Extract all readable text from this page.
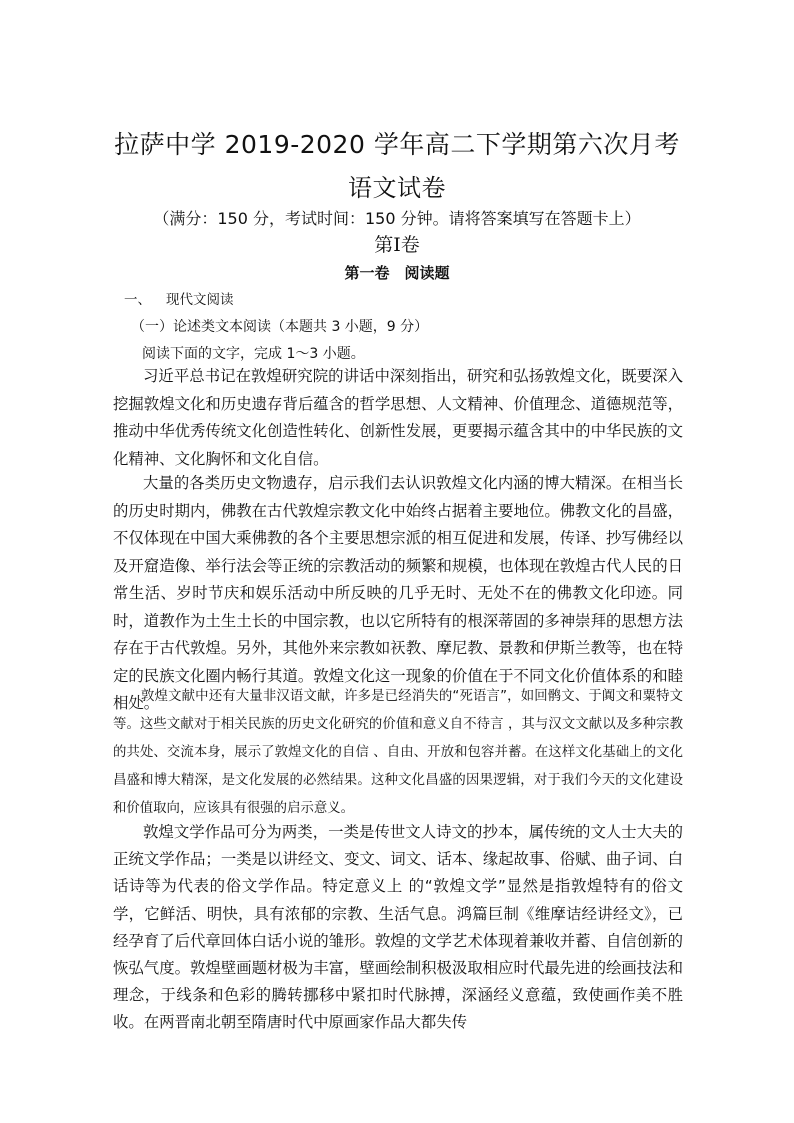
拉萨中学 2019-2020 学年高二下学期第六次月考
语文试卷
（满分：150 分，考试时间：150 分钟。请将答案填写在答题卡上）
第Ⅰ卷
第一卷　阅读题
一、 现代文阅读
（一）论述类文本阅读（本题共 3 小题，9 分）
阅读下面的文字，完成 1～3 小题。

习近平总书记在敦煌研究院的讲话中深刻指出，研究和弘扬敦煌文化，既要深入挖掘敦煌文化和历史遗存背后蕴含的哲学思想、人文精神、价值理念、道德规范等，推动中华优秀传统文化创造性转化、创新性发展，更要揭示蕴含其中的中华民族的文化精神、文化胸怀和文化自信。

大量的各类历史文物遗存，启示我们去认识敦煌文化内涵的博大精深。在相当长的历史时期内，佛教在古代敦煌宗教文化中始终占据着主要地位。佛教文化的昌盛，不仅体现在中国大乘佛教的各个主要思想宗派的相互促进和发展，传译、抄写佛经以及开窟造像、举行法会等正统的宗教活动的频繁和规模，也体现在敦煌古代人民的日常生活、岁时节庆和娱乐活动中所反映的几乎无时、无处不在的佛教文化印迹。同时，道教作为土生土长的中国宗教，也以它所特有的根深蒂固的多神崇拜的思想方法存在于古代敦煌。另外，其他外来宗教如祆教、摩尼教、景教和伊斯兰教等，也在特定的民族文化圈内畅行其道。敦煌文化这一现象的价值在于不同文化价值体系的和睦相处。

敦煌文献中还有大量非汉语文献，许多是已经消失的“死语言”，如回鹘文、于阗文和粟特文等。这些文献对于相关民族的历史文化研究的价值和意义自不待言 ，其与汉文文献以及多种宗教的共处、交流本身，展示了敦煌文化的自信 、自由、开放和包容并蓄。在这样文化基础上的文化昌盛和博大精深，是文化发展的必然结果。这种文化昌盛的因果逻辑，对于我们今天的文化建设和价值取向，应该具有很强的启示意义。

敦煌文学作品可分为两类，一类是传世文人诗文的抄本，属传统的文人士大夫的正统文学作品；一类是以讲经文、变文、词文、话本、缘起故事、俗赋、曲子词、白话诗等为代表的俗文学作品。特定意义上 的“敦煌文学”显然是指敦煌特有的俗文学，它鲜活、明快，具有浓郁的宗教、生活气息。鸿篇巨制《维摩诘经讲经文》，已经孕育了后代章回体白话小说的雏形。敦煌的文学艺术体现着兼收并蓄、自信创新的恢弘气度。敦煌壁画题材极为丰富，壁画绘制积极汲取相应时代最先进的绘画技法和理念，于线条和色彩的腾转挪移中紧扣时代脉搏，深涵经义意蕴，致使画作美不胜收。在两晋南北朝至隋唐时代中原画家作品大都失传
